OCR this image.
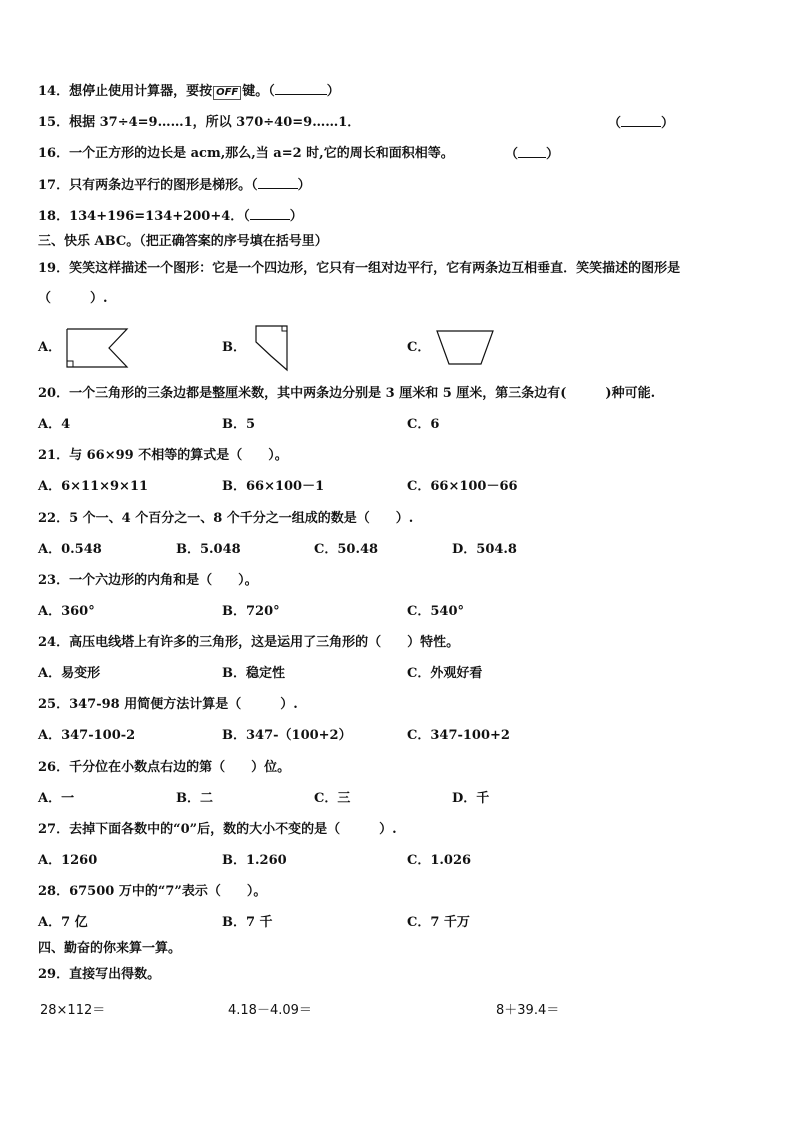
14．想停止使用计算器，要按 OFF 键。（	）
15．根据 37÷4=9……1，所以 370÷40=9……1．	（	）
16．一个正方形的边长是 acm,那么,当 a=2 时,它的周长和面积相等。	（ ）
17．只有两条边平行的图形是梯形。（	）
18．134+196=134+200+4．（	）
三、快乐 ABC。（把正确答案的序号填在括号里）
19．笑笑这样描述一个图形：它是一个四边形，它只有一组对边平行，它有两条边互相垂直．笑笑描述的图形是
（　　　）.
A．	B．	C．
20．一个三角形的三条边都是整厘米数，其中两条边分别是 3 厘米和 5 厘米，第三条边有(　　　)种可能.
A．4	B．5	C．6
21．与 66×99 不相等的算式是（　　）。
A．6×11×9×11	B．66×100－1	C．66×100－66
22．5 个一、4 个百分之一、8 个千分之一组成的数是（　　）.
A．0.548	B．5.048	C．50.48	D．504.8
23．一个六边形的内角和是（　　）。
A．360°	B．720°	C．540°
24．高压电线塔上有许多的三角形，这是运用了三角形的（　　）特性。
A．易变形	B．稳定性	C．外观好看
25．347-98 用简便方法计算是（　　　）.
A．347-100-2	B．347-（100+2）	C．347-100+2
26．千分位在小数点右边的第（　　）位。
A．一	B．二	C．三	D．千
27．去掉下面各数中的“0”后，数的大小不变的是（　　　）.
A．1260	B．1.260	C．1.026
28．67500 万中的“7”表示（　　）。
A．7 亿	B．7 千	C．7 千万
四、勤奋的你来算一算。
29．直接写出得数。
28×112＝	4.18－4.09＝	8＋39.4＝
